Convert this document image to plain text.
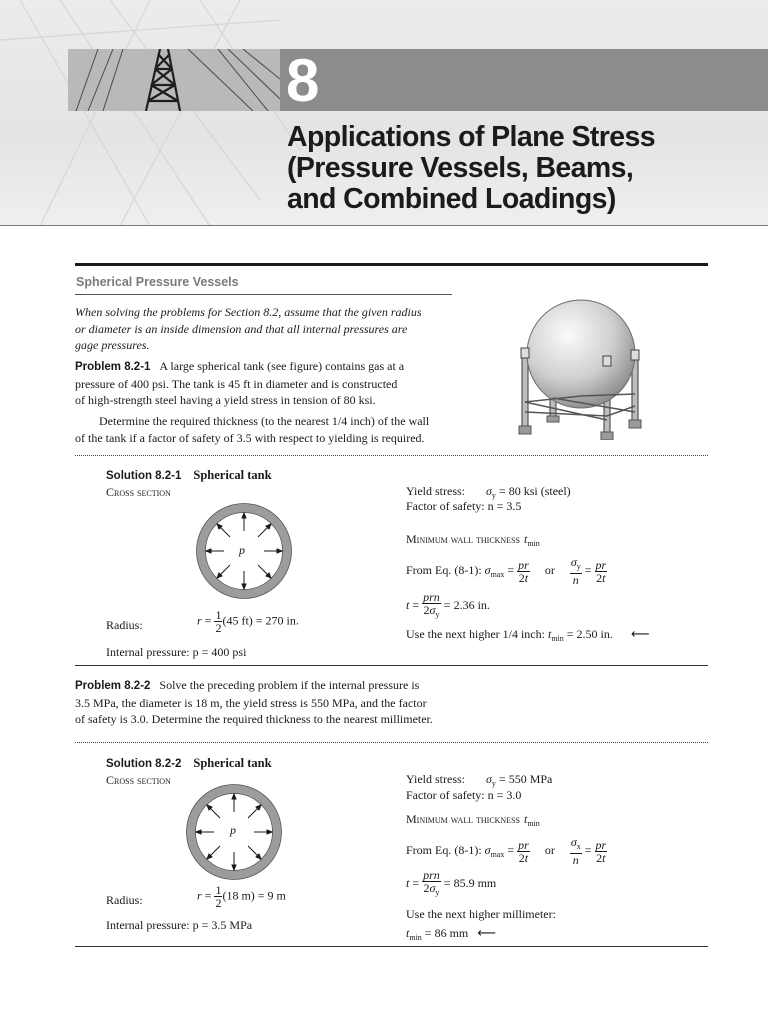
8
Applications of Plane Stress
(Pressure Vessels, Beams,
and Combined Loadings)
Spherical Pressure Vessels
When solving the problems for Section 8.2, assume that the given radius
or diameter is an inside dimension and that all internal pressures are
gage pressures.
Problem 8.2-1 A large spherical tank (see figure) contains gas at a
pressure of 400 psi. The tank is 45 ft in diameter and is constructed
of high-strength steel having a yield stress in tension of 80 ksi.
Determine the required thickness (to the nearest 1/4 inch) of the wall
of the tank if a factor of safety of 3.5 with respect to yielding is required.
Solution 8.2-1 Spherical tank
Cross section
p
Radius:	$r = \frac{1}{2} (45$ ft) = 270 in.
Internal pressure: p = 400 psi
Yield stress: $\sigma_y = 80$ ksi (steel)
Factor of safety: n = 3.5
Minimum wall thickness $t_{min}$
From Eq. (8-1): $\sigma_{max} = \frac{pr}{2t}$ or $\frac{\sigma_y}{n} = \frac{pr}{2t}$
$t = \frac{\text{prn}}{2\sigma_y} = 2.36$ in.
Use the next higher 1/4 inch: $t_{min} = 2.50$ in. ⟵
Problem 8.2-2 Solve the preceding problem if the internal pressure is
3.5 MPa, the diameter is 18 m, the yield stress is 550 MPa, and the factor
of safety is 3.0. Determine the required thickness to the nearest millimeter.
Solution 8.2-2 Spherical tank
Cross section
p
Radius:	$r = \frac{1}{2} (18$ m) = 9 m
Internal pressure: p = 3.5 MPa
Yield stress: $\sigma_y = 550$ MPa
Factor of safety: n = 3.0
Minimum wall thickness $t_{min}$
From Eq. (8-1): $\sigma_{max} = \frac{pr}{2t}$ or $\frac{\sigma_x}{n} = \frac{pr}{2t}$
$t = \frac{\text{prn}}{2\sigma_y} = 85.9$ mm
Use the next higher millimeter:
$t_{min} = 86$ mm ⟵
